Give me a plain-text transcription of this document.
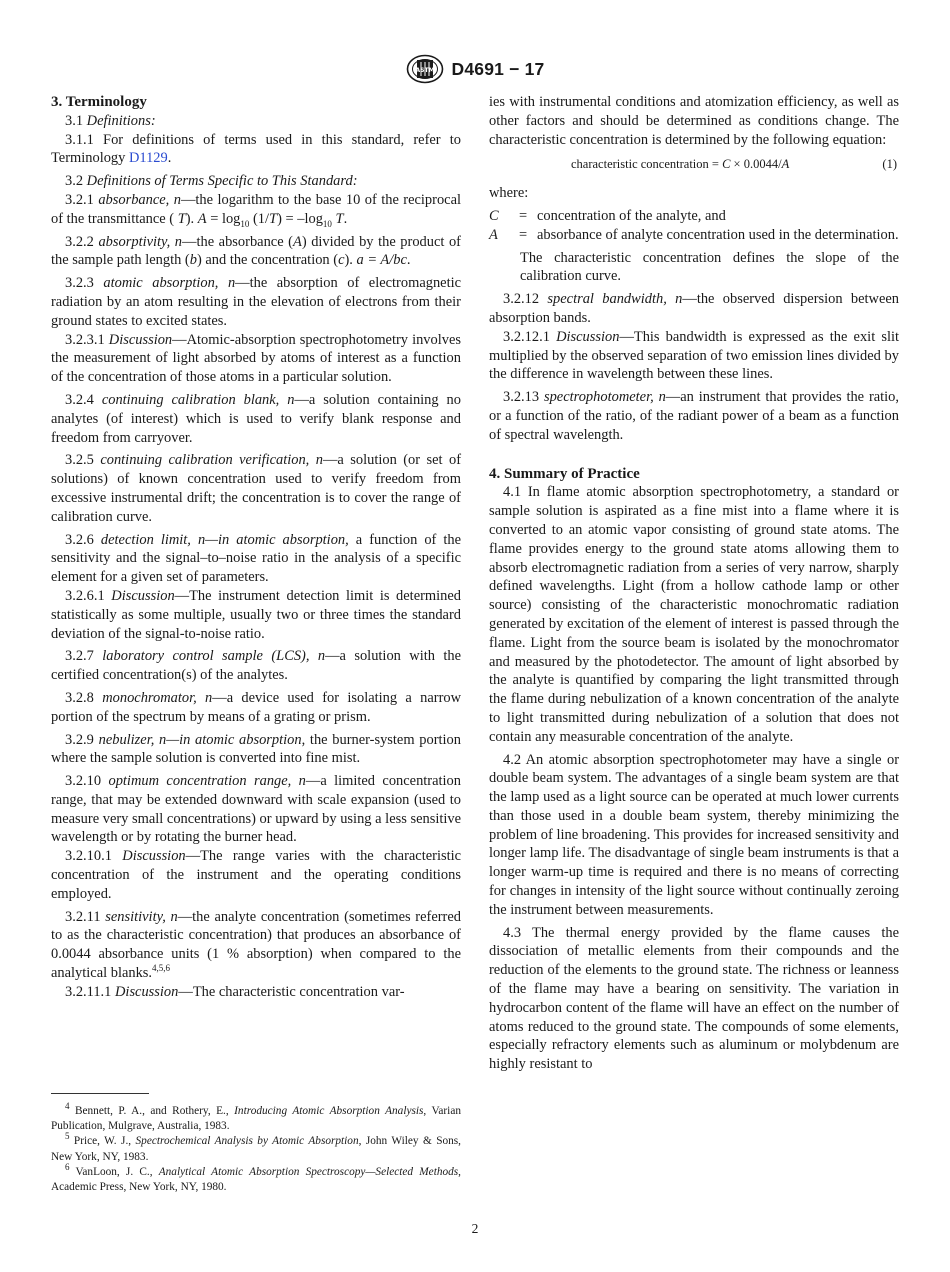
ASTM D4691 − 17

3. Terminology

3.1 Definitions:

3.1.1 For definitions of terms used in this standard, refer to Terminology D1129.

3.2 Definitions of Terms Specific to This Standard:

3.2.1 absorbance, n—the logarithm to the base 10 of the reciprocal of the transmittance ( T). $A = \log_{10} (1/T) = -\log_{10}$ T.

3.2.2 absorptivity, n—the absorbance (A) divided by the product of the sample path length (b) and the concentration (c). a = A/bc.

3.2.3 atomic absorption, n—the absorption of electromagnetic radiation by an atom resulting in the elevation of electrons from their ground states to excited states.

3.2.3.1 Discussion—Atomic-absorption spectrophotometry involves the measurement of light absorbed by atoms of interest as a function of the concentration of those atoms in a particular solution.

3.2.4 continuing calibration blank, n—a solution containing no analytes (of interest) which is used to verify blank response and freedom from carryover.

3.2.5 continuing calibration verification, n—a solution (or set of solutions) of known concentration used to verify freedom from excessive instrumental drift; the concentration is to cover the range of calibration curve.

3.2.6 detection limit, n—in atomic absorption, a function of the sensitivity and the signal–to–noise ratio in the analysis of a specific element for a given set of parameters.

3.2.6.1 Discussion—The instrument detection limit is determined statistically as some multiple, usually two or three times the standard deviation of the signal-to-noise ratio.

3.2.7 laboratory control sample (LCS), n—a solution with the certified concentration(s) of the analytes.

3.2.8 monochromator, n—a device used for isolating a narrow portion of the spectrum by means of a grating or prism.

3.2.9 nebulizer, n—in atomic absorption, the burner-system portion where the sample solution is converted into fine mist.

3.2.10 optimum concentration range, n—a limited concentration range, that may be extended downward with scale expansion (used to measure very small concentrations) or upward by using a less sensitive wavelength or by rotating the burner head.

3.2.10.1 Discussion—The range varies with the characteristic concentration of the instrument and the operating conditions employed.

3.2.11 sensitivity, n—the analyte concentration (sometimes referred to as the characteristic concentration) that produces an absorbance of 0.0044 absorbance units (1 % absorption) when compared to the analytical blanks.$^{4,5,6}$

3.2.11.1 Discussion—The characteristic concentration var-

$^4$ Bennett, P. A., and Rothery, E., Introducing Atomic Absorption Analysis, Varian Publication, Mulgrave, Australia, 1983.

$^5$ Price, W. J., Spectrochemical Analysis by Atomic Absorption, John Wiley & Sons, New York, NY, 1983.

$^6$ VanLoon, J. C., Analytical Atomic Absorption Spectroscopy—Selected Methods, Academic Press, New York, NY, 1980.

ies with instrumental conditions and atomization efficiency, as well as other factors and should be determined as conditions change. The characteristic concentration is determined by the following equation:

characteristic concentration = C × 0.0044/A	(1)

where:

C	= concentration of the analyte, and
A	= absorbance of analyte concentration used in the determination.

The characteristic concentration defines the slope of the calibration curve.

3.2.12 spectral bandwidth, n—the observed dispersion between absorption bands.

3.2.12.1 Discussion—This bandwidth is expressed as the exit slit multiplied by the observed separation of two emission lines divided by the difference in wavelength between these lines.

3.2.13 spectrophotometer, n—an instrument that provides the ratio, or a function of the ratio, of the radiant power of a beam as a function of spectral wavelength.

4. Summary of Practice

4.1 In flame atomic absorption spectrophotometry, a standard or sample solution is aspirated as a fine mist into a flame where it is converted to an atomic vapor consisting of ground state atoms. The flame provides energy to the ground state atoms allowing them to absorb electromagnetic radiation from a series of very narrow, sharply defined wavelengths. Light (from a hollow cathode lamp or other source) consisting of the characteristic monochromatic radiation generated by excitation of the element of interest is passed through the flame. Light from the source beam is isolated by the monochromator and measured by the photodetector. The amount of light absorbed by the analyte is quantified by comparing the light transmitted through the flame during nebulization of a known concentration of the analyte to light transmitted during nebulization of a solution that does not contain any measurable concentration of the analyte.

4.2 An atomic absorption spectrophotometer may have a single or double beam system. The advantages of a single beam system are that the lamp used as a light source can be operated at much lower currents than those used in a double beam system, thereby minimizing the problem of line broadening. This provides for increased sensitivity and longer lamp life. The disadvantage of single beam instruments is that a longer warm-up time is required and there is no means of correcting for changes in intensity of the light source without continually zeroing the instrument between measurements.

4.3 The thermal energy provided by the flame causes the dissociation of metallic elements from their compounds and the reduction of the elements to the ground state. The richness or leanness of the flame may have a bearing on sensitivity. The variation in hydrocarbon content of the flame will have an effect on the number of atoms reduced to the ground state. The compounds of some elements, especially refractory elements such as aluminum or molybdenum are highly resistant to

2
